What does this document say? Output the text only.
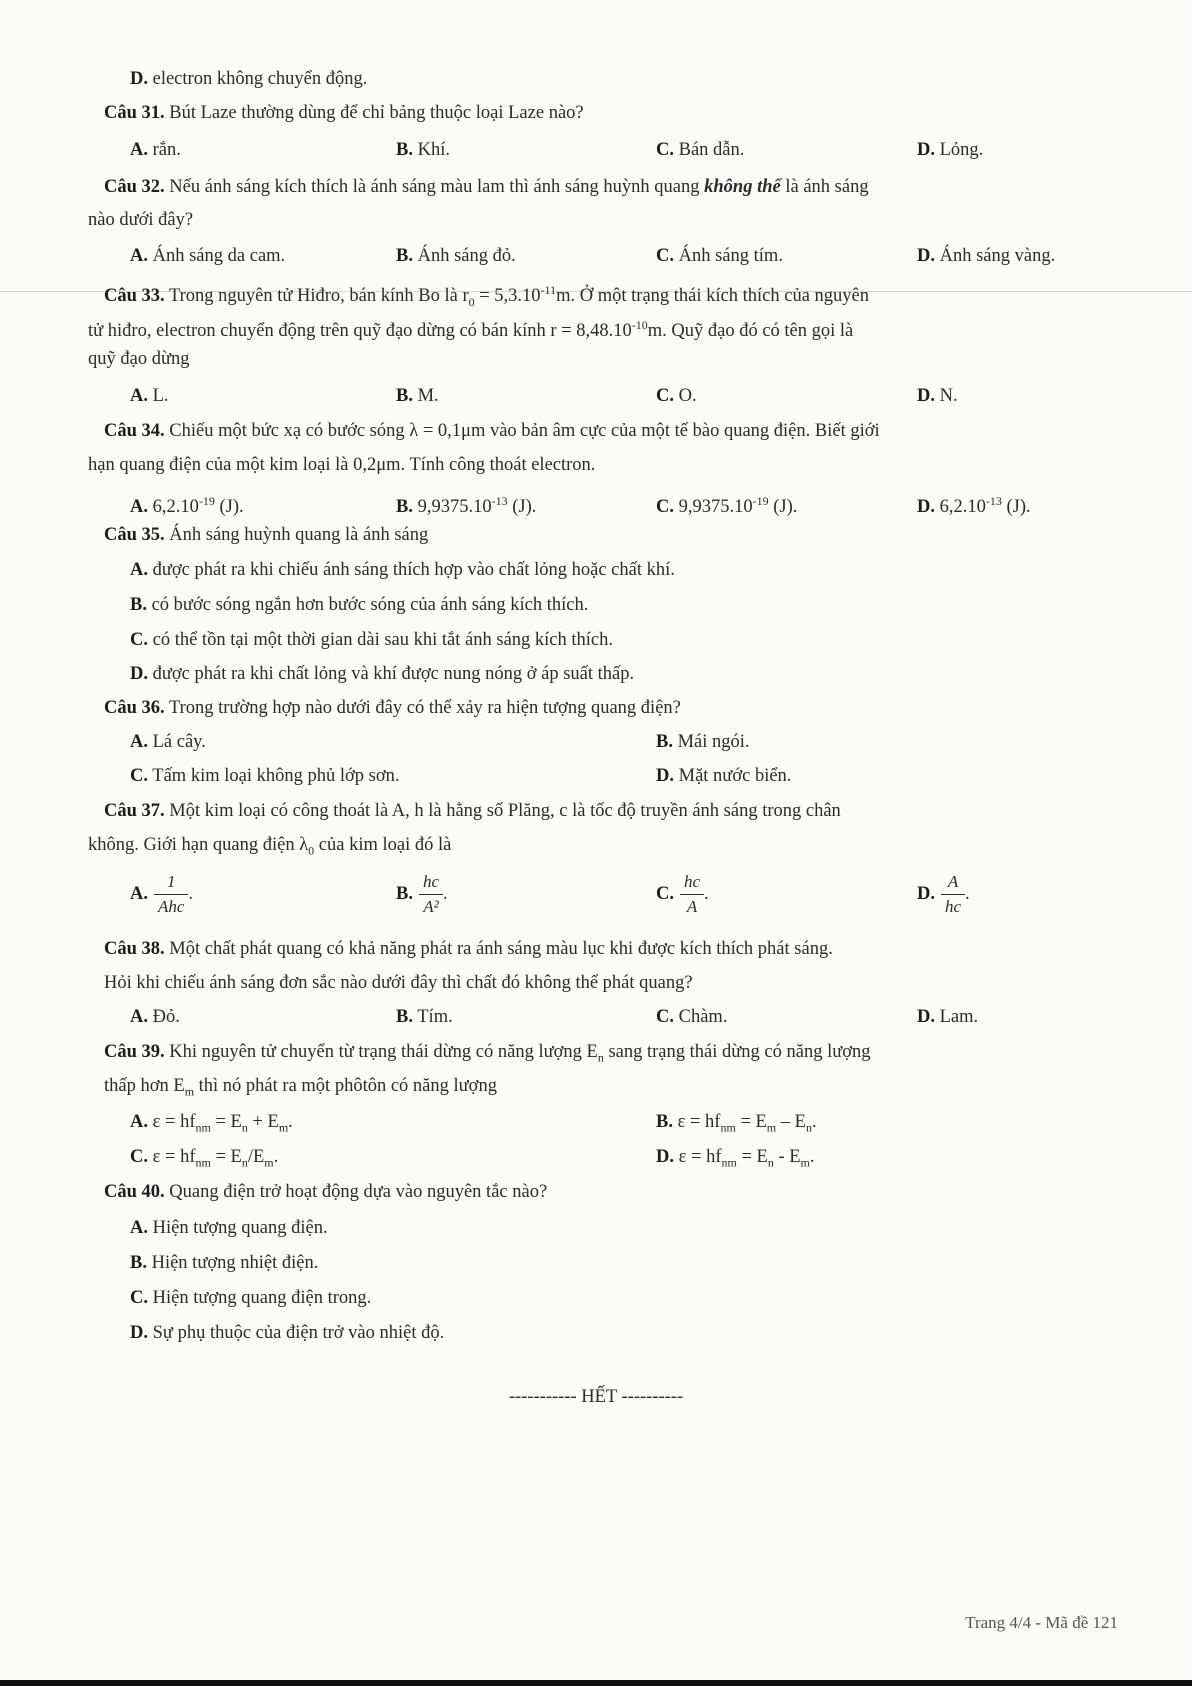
D. electron không chuyển động.
Câu 31. Bút Laze thường dùng để chỉ bảng thuộc loại Laze nào?
A. rắn.	B. Khí.	C. Bán dẫn.	D. Lỏng.
Câu 32. Nếu ánh sáng kích thích là ánh sáng màu lam thì ánh sáng huỳnh quang không thể là ánh sáng
nào dưới đây?
A. Ánh sáng da cam.	B. Ánh sáng đỏ.	C. Ánh sáng tím.	D. Ánh sáng vàng.
Câu 33. Trong nguyên tử Hiđro, bán kính Bo là $r_0 = 5,3.10^{-11}m$. Ở một trạng thái kích thích của nguyên
tử hiđro, electron chuyển động trên quỹ đạo dừng có bán kính $r = 8,48.10^{-10}m$. Quỹ đạo đó có tên gọi là
quỹ đạo dừng
A. L.	B. M.	C. O.	D. N.
Câu 34. Chiếu một bức xạ có bước sóng λ = 0,1μm vào bản âm cực của một tế bào quang điện. Biết giới
hạn quang điện của một kim loại là 0,2μm. Tính công thoát electron.
A. $6,2.10^{-19}$ (J).	B. $9,9375.10^{-13}$ (J).	C. $9,9375.10^{-19}$ (J).	D. $6,2.10^{-13}$ (J).
Câu 35. Ánh sáng huỳnh quang là ánh sáng
A. được phát ra khi chiếu ánh sáng thích hợp vào chất lỏng hoặc chất khí.
B. có bước sóng ngắn hơn bước sóng của ánh sáng kích thích.
C. có thể tồn tại một thời gian dài sau khi tắt ánh sáng kích thích.
D. được phát ra khi chất lỏng và khí được nung nóng ở áp suất thấp.
Câu 36. Trong trường hợp nào dưới đây có thể xảy ra hiện tượng quang điện?
A. Lá cây.	B. Mái ngói.
C. Tấm kim loại không phủ lớp sơn.	D. Mặt nước biển.
Câu 37. Một kim loại có công thoát là A, h là hằng số Plăng, c là tốc độ truyền ánh sáng trong chân
không. Giới hạn quang điện $\lambda_0$ của kim loại đó là
A. $\frac{1}{\text{Ahc}}$ .	B. $\frac{hc}{\text{A²}}$ .	C. $\frac{hc}{A}$ .	D. $\frac{A}{hc}$ .
Câu 38. Một chất phát quang có khả năng phát ra ánh sáng màu lục khi được kích thích phát sáng.
Hỏi khi chiếu ánh sáng đơn sắc nào dưới đây thì chất đó không thể phát quang?
A. Đỏ.	B. Tím.	C. Chàm.	D. Lam.
Câu 39. Khi nguyên tử chuyển từ trạng thái dừng có năng lượng $E_n$ sang trạng thái dừng có năng lượng
thấp hơn $E_m$ thì nó phát ra một phôtôn có năng lượng
A. $\varepsilon = hf_{nm} = E_n + E_m$.	B. $\varepsilon = hf_{nm} = E_m - E_n$.
C. $\varepsilon = hf_{nm} = E_n/E_m$.	D. $\varepsilon = hf_{nm} = E_n - E_m$.
Câu 40. Quang điện trở hoạt động dựa vào nguyên tắc nào?
A. Hiện tượng quang điện.
B. Hiện tượng nhiệt điện.
C. Hiện tượng quang điện trong.
D. Sự phụ thuộc của điện trở vào nhiệt độ.
----------- HẾT ----------
Trang 4/4 - Mã đề 121
